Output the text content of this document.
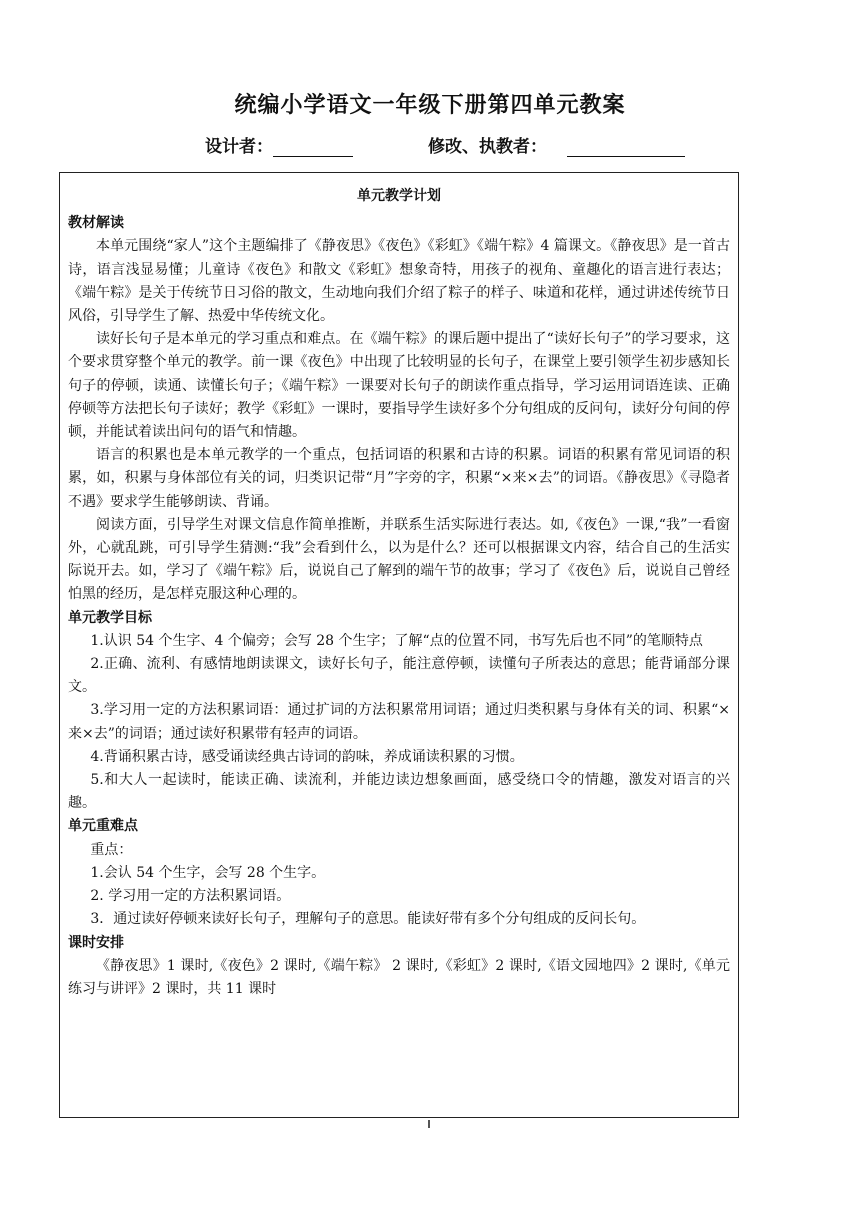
统编小学语文一年级下册第四单元教案
设计者：	修改、执教者：
单元教学计划
教材解读

本单元围绕“家人”这个主题编排了《静夜思》《夜色》《彩虹》《端午粽》4 篇课文。《静夜思》是一首古诗，语言浅显易懂；儿童诗《夜色》和散文《彩虹》想象奇特，用孩子的视角、童趣化的语言进行表达；《端午粽》是关于传统节日习俗的散文，生动地向我们介绍了粽子的样子、味道和花样，通过讲述传统节日风俗，引导学生了解、热爱中华传统文化。

读好长句子是本单元的学习重点和难点。在《端午粽》的课后题中提出了“读好长句子”的学习要求，这个要求贯穿整个单元的教学。前一课《夜色》中出现了比较明显的长句子，在课堂上要引领学生初步感知长句子的停顿，读通、读懂长句子；《端午粽》一课要对长句子的朗读作重点指导，学习运用词语连读、正确停顿等方法把长句子读好；教学《彩虹》一课时，要指导学生读好多个分句组成的反问句，读好分句间的停顿，并能试着读出问句的语气和情趣。

语言的积累也是本单元教学的一个重点，包括词语的积累和古诗的积累。词语的积累有常见词语的积累，如，积累与身体部位有关的词，归类识记带“月”字旁的字，积累“×来×去”的词语。《静夜思》《寻隐者不遇》要求学生能够朗读、背诵。

阅读方面，引导学生对课文信息作简单推断，并联系生活实际进行表达。如,《夜色》一课,“我”一看窗外，心就乱跳，可引导学生猜测:“我”会看到什么，以为是什么？还可以根据课文内容，结合自己的生活实际说开去。如，学习了《端午粽》后，说说自己了解到的端午节的故事；学习了《夜色》后，说说自己曾经怕黑的经历，是怎样克服这种心理的。

单元教学目标

1.认识 54 个生字、4 个偏旁；会写 28 个生字；了解“点的位置不同，书写先后也不同”的笔顺特点

2.正确、流利、有感情地朗读课文，读好长句子，能注意停顿，读懂句子所表达的意思；能背诵部分课文。

3.学习用一定的方法积累词语：通过扩词的方法积累常用词语；通过归类积累与身体有关的词、积累“×来×去”的词语；通过读好积累带有轻声的词语。

4.背诵积累古诗，感受诵读经典古诗词的韵味，养成诵读积累的习惯。

5.和大人一起读时，能读正确、读流利，并能边读边想象画面，感受绕口令的情趣，激发对语言的兴趣。

单元重难点

重点：

1.会认 54 个生字，会写 28 个生字。

2. 学习用一定的方法积累词语。

3．通过读好停顿来读好长句子，理解句子的意思。能读好带有多个分句组成的反问长句。

课时安排

《静夜思》1 课时,《夜色》2 课时,《端午粽》 2 课时,《彩虹》2 课时,《语文园地四》2 课时,《单元练习与讲评》2 课时，共 11 课时
